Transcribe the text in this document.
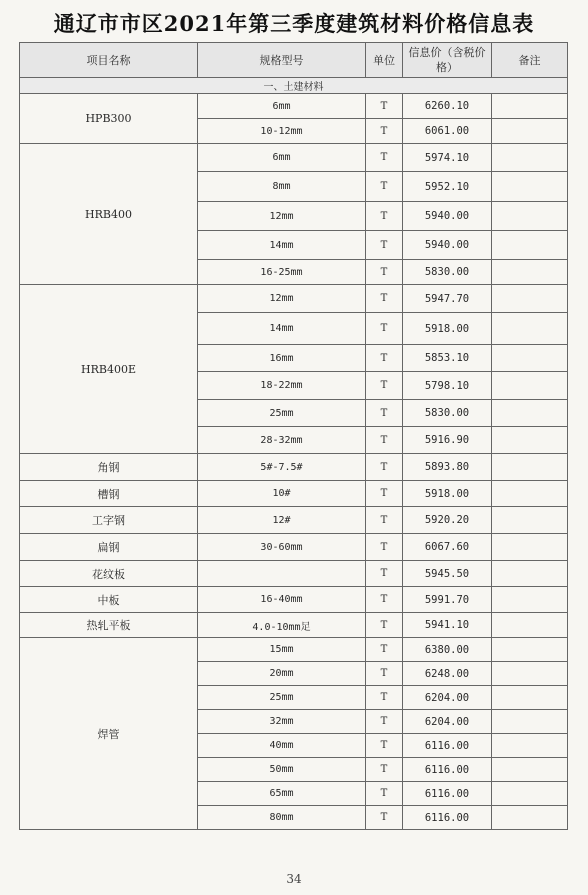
通辽市市区2021年第三季度建筑材料价格信息表
项目名称	规格型号	单位	信息价（含税价格）	备注
一、土建材料				
HPB300	6mm	T	6260.10	
	10-12mm	T	6061.00	
HRB400	6mm	T	5974.10	
	8mm	T	5952.10	
	12mm	T	5940.00	
	14mm	T	5940.00	
	16-25mm	T	5830.00	
HRB400E	12mm	T	5947.70	
	14mm	T	5918.00	
	16mm	T	5853.10	
	18-22mm	T	5798.10	
	25mm	T	5830.00	
	28-32mm	T	5916.90	
角钢	5#-7.5#	T	5893.80	
槽钢	10#	T	5918.00	
工字钢	12#	T	5920.20	
扁钢	30-60mm	T	6067.60	
花纹板		T	5945.50	
中板	16-40mm	T	5991.70	
热轧平板	4.0-10mm足	T	5941.10	
焊管	15mm	T	6380.00	
	20mm	T	6248.00	
	25mm	T	6204.00	
	32mm	T	6204.00	
	40mm	T	6116.00	
	50mm	T	6116.00	
	65mm	T	6116.00	
	80mm	T	6116.00	
34
